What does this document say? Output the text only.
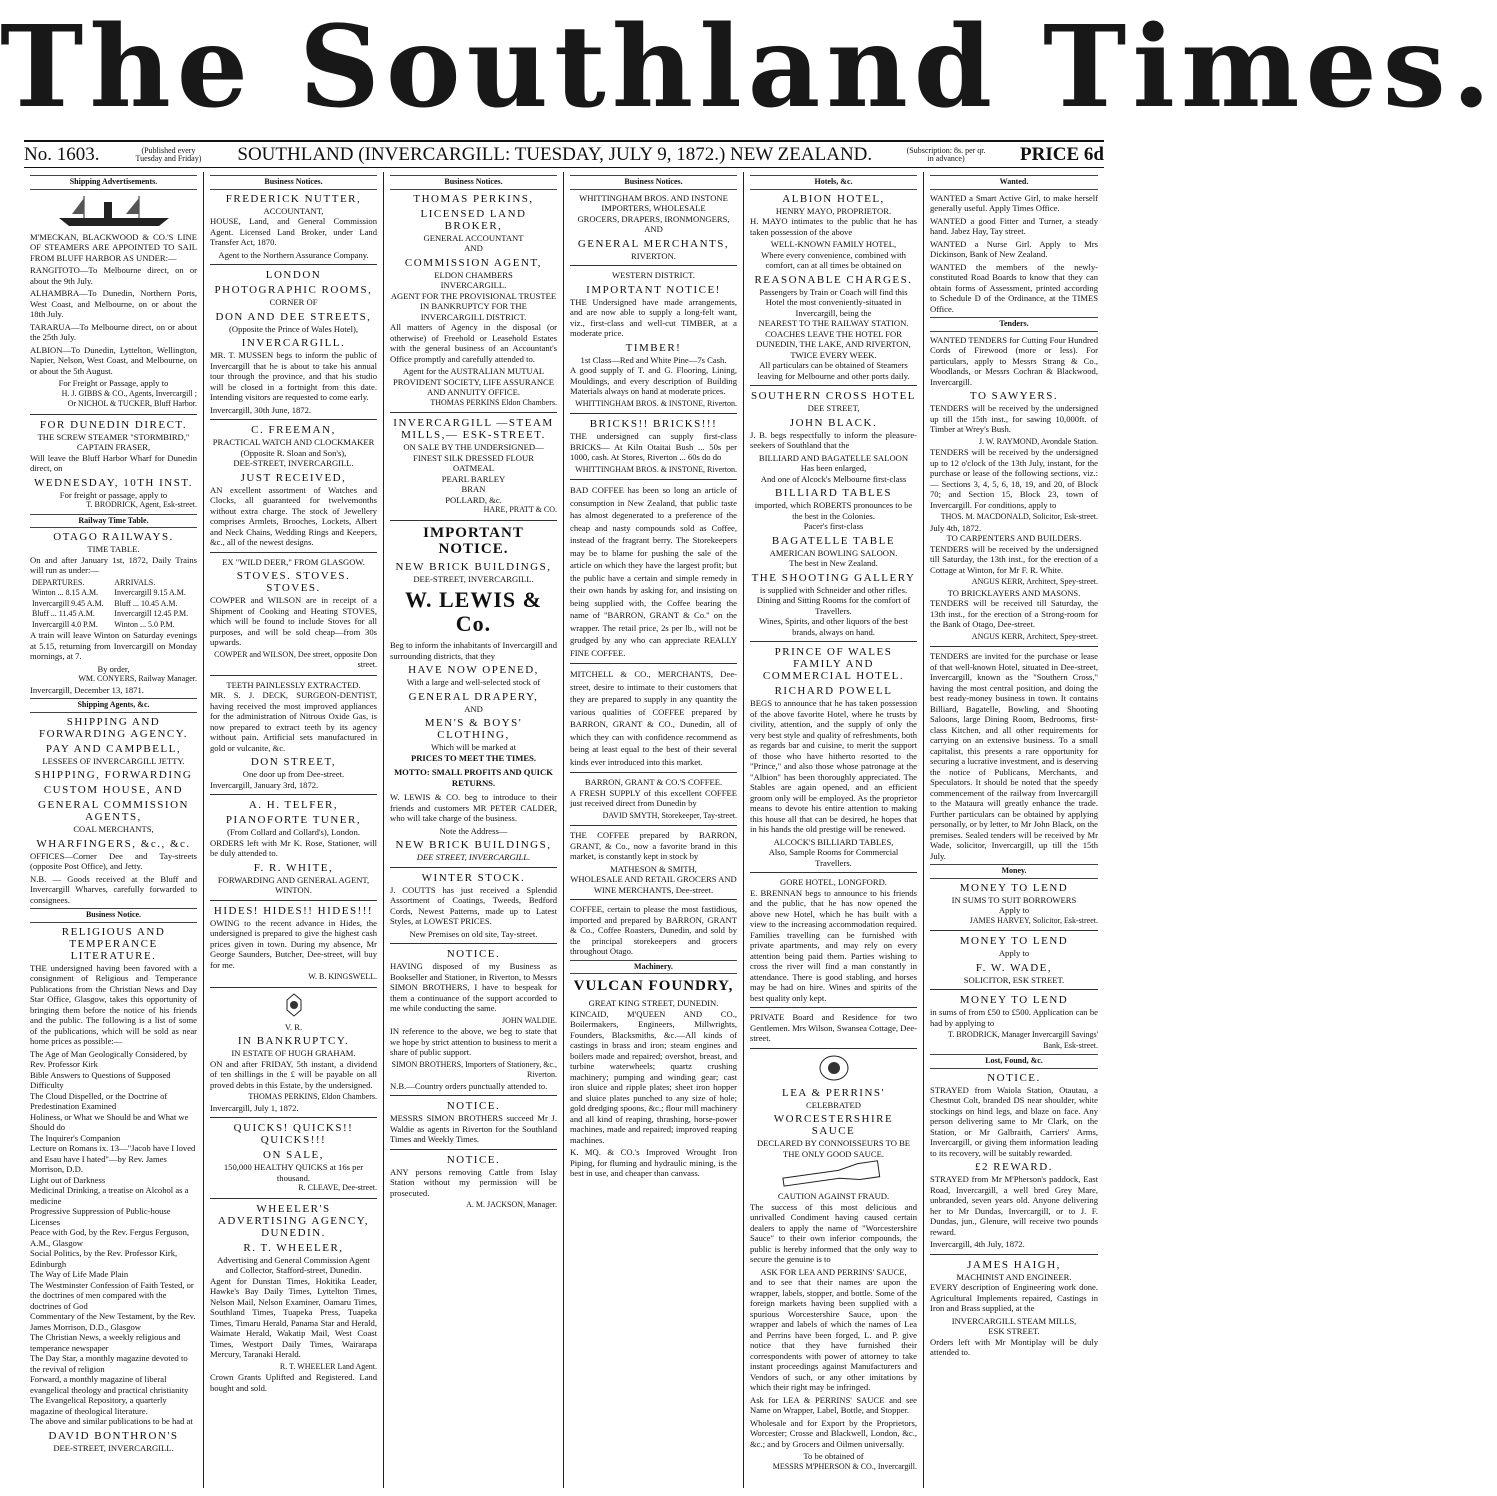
The Southland Times.
No. 1603.	(Published every Tuesday and Friday) SOUTHLAND (INVERCARGILL: TUESDAY, JULY 9, 1872.) NEW ZEALAND.	(Subscription: 8s. per qr. in advance)	PRICE 6d
Shipping Advertisements.
M'MECKAN, BLACKWOOD & CO.'S LINE OF STEAMERS ARE APPOINTED TO SAIL FROM BLUFF HARBOR AS UNDER:—
RANGITOTO—To Melbourne direct, on or about the 9th July.
ALHAMBRA—To Dunedin, Northern Ports, West Coast, and Melbourne, on or about the 18th July.
TARARUA—To Melbourne direct, on or about the 25th July.
ALBION—To Dunedin, Lyttelton, Wellington, Napier, Nelson, West Coast, and Melbourne, on or about the 5th August.
For Freight or Passage, apply to
H. J. GIBBS & CO., Agents, Invercargill ;
Or NICHOL & TUCKER, Bluff Harbor.
FOR DUNEDIN DIRECT.
THE SCREW STEAMER "STORMBIRD,"
CAPTAIN FRASER,
Will leave the Bluff Harbor Wharf for Dunedin direct, on
WEDNESDAY, 10TH INST.
For freight or passage, apply to
T. BRODRICK, Agent, Esk-street.
Railway Time Table.
OTAGO RAILWAYS.
TIME TABLE.
On and after January 1st, 1872, Daily Trains will run as under:—
DEPARTURES.	ARRIVALS.
Winton ... 8.15 A.M.	Invercargill 9.15 A.M.
Invercargill 9.45 A.M.	Bluff ... 10.45 A.M.
Bluff ... 11.45 A.M.	Invercargill 12.45 P.M.
Invercargill 4.0 P.M.	Winton ... 5.0 P.M.
A train will leave Winton on Saturday evenings at 5.15, returning from Invercargill on Monday mornings, at 7.
By order,
WM. CONYERS, Railway Manager.
Invercargill, December 13, 1871.
Shipping Agents, &c.
SHIPPING AND FORWARDING AGENCY.
PAY AND CAMPBELL,
LESSEES OF INVERCARGILL JETTY.
SHIPPING, FORWARDING
CUSTOM HOUSE, AND
GENERAL COMMISSION AGENTS,
COAL MERCHANTS,
WHARFINGERS, &c., &c.
OFFICES—Corner Dee and Tay-streets (opposite Post Office), and Jetty.
N.B. — Goods received at the Bluff and Invercargill Wharves, carefully forwarded to consignees.
Business Notice.
RELIGIOUS AND TEMPERANCE LITERATURE.
THE undersigned having been favored with a consignment of Religious and Temperance Publications from the Christian News and Day Star Office, Glasgow, takes this opportunity of bringing them before the notice of his friends and the public. The following is a list of some of the publications, which will be sold as near home prices as possible:—
The Age of Man Geologically Considered, by Rev. Professor Kirk
Bible Answers to Questions of Supposed Difficulty
The Cloud Dispelled, or the Doctrine of Predestination Examined
Holiness, or What we Should be and What we Should do
The Inquirer's Companion
Lecture on Romans ix. 13—"Jacob have I loved and Esau have I hated"—by Rev. James Morrison, D.D.
Light out of Darkness
Medicinal Drinking, a treatise on Alcohol as a medicine
Progressive Suppression of Public-house Licenses
Peace with God, by the Rev. Fergus Ferguson, A.M., Glasgow
Social Politics, by the Rev. Professor Kirk, Edinburgh
The Way of Life Made Plain
The Westminster Confession of Faith Tested, or the doctrines of men compared with the doctrines of God
Commentary of the New Testament, by the Rev. James Morrison, D.D., Glasgow
The Christian News, a weekly religious and temperance newspaper
The Day Star, a monthly magazine devoted to the revival of religion
Forward, a monthly magazine of liberal evangelical theology and practical christianity
The Evangelical Repository, a quarterly magazine of theological literature.
The above and similar publications to be had at
DAVID BONTHRON'S
DEE-STREET, INVERCARGILL.
Business Notices.
FREDERICK NUTTER,
ACCOUNTANT,
HOUSE, Land, and General Commission Agent. Licensed Land Broker, under Land Transfer Act, 1870.
Agent to the Northern Assurance Company.
LONDON
PHOTOGRAPHIC ROOMS,
CORNER OF
DON AND DEE STREETS,
(Opposite the Prince of Wales Hotel),
INVERCARGILL.
MR. T. MUSSEN begs to inform the public of Invercargill that he is about to take his annual tour through the province, and that his studio will be closed in a fortnight from this date. Intending visitors are requested to come early.
Invercargill, 30th June, 1872.
C. FREEMAN,
PRACTICAL WATCH AND CLOCKMAKER
(Opposite R. Sloan and Son's),
DEE-STREET, INVERCARGILL.
JUST RECEIVED,
AN excellent assortment of Watches and Clocks, all guaranteed for twelvemonths without extra charge. The stock of Jewellery comprises Armlets, Brooches, Lockets, Albert and Neck Chains, Wedding Rings and Keepers, &c., all of the newest designs.
EX "WILD DEER," FROM GLASGOW.
STOVES. STOVES. STOVES.
COWPER and WILSON are in receipt of a Shipment of Cooking and Heating STOVES, which will be found to include Stoves for all purposes, and will be sold cheap—from 30s upwards.
COWPER and WILSON, Dee street, opposite Don street.
TEETH PAINLESSLY EXTRACTED.
MR. S. J. DECK, SURGEON-DENTIST, having received the most improved appliances for the administration of Nitrous Oxide Gas, is now prepared to extract teeth by its agency without pain. Artificial sets manufactured in gold or vulcanite, &c.
DON STREET,
One door up from Dee-street.
Invercargill, January 3rd, 1872.
A. H. TELFER,
PIANOFORTE TUNER,
(From Collard and Collard's), London.
ORDERS left with Mr K. Rose, Stationer, will be duly attended to.
F. R. WHITE,
FORWARDING AND GENERAL AGENT,
WINTON.
HIDES! HIDES!! HIDES!!!
OWING to the recent advance in Hides, the undersigned is prepared to give the highest cash prices given in town. During my absence, Mr George Saunders, Butcher, Dee-street, will buy for me.
W. B. KINGSWELL.
V. R.
IN BANKRUPTCY.
IN ESTATE OF HUGH GRAHAM.
ON and after FRIDAY, 5th instant, a dividend of ten shillings in the £ will be payable on all proved debts in this Estate, by the undersigned.
THOMAS PERKINS, Eldon Chambers.
Invercargill, July 1, 1872.
QUICKS! QUICKS!! QUICKS!!!
ON SALE,
150,000 HEALTHY QUICKS at 16s per thousand.
R. CLEAVE, Dee-street.
WHEELER'S ADVERTISING AGENCY, DUNEDIN.
R. T. WHEELER,
Advertising and General Commission Agent and Collector, Stafford-street, Dunedin.
Agent for Dunstan Times, Hokitika Leader, Hawke's Bay Daily Times, Lyttelton Times, Nelson Mail, Nelson Examiner, Oamaru Times, Southland Times, Tuapeka Press, Tuapeka Times, Timaru Herald, Panama Star and Herald, Waimate Herald, Wakatip Mail, West Coast Times, Westport Daily Times, Wairarapa Mercury, Taranaki Herald.
R. T. WHEELER Land Agent.
Crown Grants Uplifted and Registered. Land bought and sold.
Business Notices.
THOMAS PERKINS,
LICENSED LAND BROKER,
GENERAL ACCOUNTANT
AND
COMMISSION AGENT,
ELDON CHAMBERS
INVERCARGILL.
AGENT FOR THE PROVISIONAL TRUSTEE IN BANKRUPTCY FOR THE INVERCARGILL DISTRICT.
All matters of Agency in the disposal (or otherwise) of Freehold or Leasehold Estates with the general business of an Accountant's Office promptly and carefully attended to.
Agent for the AUSTRALIAN MUTUAL PROVIDENT SOCIETY, LIFE ASSURANCE AND ANNUITY OFFICE.
THOMAS PERKINS Eldon Chambers.
INVERCARGILL —STEAM MILLS,— ESK-STREET.
ON SALE BY THE UNDERSIGNED—
FINEST SILK DRESSED FLOUR
OATMEAL
PEARL BARLEY
BRAN
POLLARD, &c.
HARE, PRATT & CO.
IMPORTANT NOTICE.
NEW BRICK BUILDINGS,
DEE-STREET, INVERCARGILL.
W. LEWIS & Co.
Beg to inform the inhabitants of Invercargill and surrounding districts, that they
HAVE NOW OPENED,
With a large and well-selected stock of
GENERAL DRAPERY,
AND
MEN'S & BOYS' CLOTHING,
Which will be marked at
PRICES TO MEET THE TIMES.
MOTTO: SMALL PROFITS AND QUICK RETURNS.
W. LEWIS & CO. beg to introduce to their friends and customers MR PETER CALDER, who will take charge of the business.
Note the Address—
NEW BRICK BUILDINGS,
DEE STREET, INVERCARGILL.
WINTER STOCK.
J. COUTTS has just received a Splendid Assortment of Coatings, Tweeds, Bedford Cords, Newest Patterns, made up to Latest Styles, at LOWEST PRICES.
New Premises on old site, Tay-street.
NOTICE.
HAVING disposed of my Business as Bookseller and Stationer, in Riverton, to Messrs SIMON BROTHERS, I have to bespeak for them a continuance of the support accorded to me while conducting the same.
JOHN WALDIE.
IN reference to the above, we beg to state that we hope by strict attention to business to merit a share of public support.
SIMON BROTHERS, Importers of Stationery, &c., Riverton.
N.B.—Country orders punctually attended to.
NOTICE.
MESSRS SIMON BROTHERS succeed Mr J. Waldie as agents in Riverton for the Southland Times and Weekly Times.
NOTICE.
ANY persons removing Cattle from Islay Station without my permission will be prosecuted.
A. M. JACKSON, Manager.
Business Notices.
WHITTINGHAM BROS. AND INSTONE
IMPORTERS, WHOLESALE
GROCERS, DRAPERS, IRONMONGERS,
AND
GENERAL MERCHANTS,
RIVERTON.
WESTERN DISTRICT.
IMPORTANT NOTICE!
THE Undersigned have made arrangements, and are now able to supply a long-felt want, viz., first-class and well-cut TIMBER, at a moderate price.
TIMBER!
1st Class—Red and White Pine—7s Cash.
A good supply of T. and G. Flooring, Lining, Mouldings, and every description of Building Materials always on hand at moderate prices.
WHITTINGHAM BROS. & INSTONE, Riverton.
BRICKS!! BRICKS!!!
THE undersigned can supply first-class BRICKS— At Kiln Otaitai Bush ... 50s per 1000, cash. At Stores, Riverton ... 60s do do
WHITTINGHAM BROS. & INSTONE, Riverton.
BAD COFFEE has been so long an article of consumption in New Zealand, that public taste has almost degenerated to a preference of the cheap and nasty compounds sold as Coffee, instead of the fragrant berry. The Storekeepers may be to blame for pushing the sale of the article on which they have the largest profit; but the public have a certain and simple remedy in their own hands by asking for, and insisting on being supplied with, the Coffee bearing the name of "BARRON, GRANT & Co." on the wrapper. The retail price, 2s per lb., will not be grudged by any who can appreciate REALLY FINE COFFEE.
MITCHELL & CO., MERCHANTS, Dee-street, desire to intimate to their customers that they are prepared to supply in any quantity the various qualities of COFFEE prepared by BARRON, GRANT & CO., Dunedin, all of which they can with confidence recommend as being at least equal to the best of their several kinds ever introduced into this market.
BARRON, GRANT & CO.'S COFFEE.
A FRESH SUPPLY of this excellent COFFEE just received direct from Dunedin by
DAVID SMYTH, Storekeeper, Tay-street.
THE COFFEE prepared by BARRON, GRANT, & Co., now a favorite brand in this market, is constantly kept in stock by
MATHESON & SMITH,
WHOLESALE AND RETAIL GROCERS AND WINE MERCHANTS, Dee-street.
COFFEE, certain to please the most fastidious, imported and prepared by BARRON, GRANT & Co., Coffee Roasters, Dunedin, and sold by the principal storekeepers and grocers throughout Otago.
Machinery.
VULCAN FOUNDRY,
GREAT KING STREET, DUNEDIN.
KINCAID, M'QUEEN AND CO., Boilermakers, Engineers, Millwrights, Founders, Blacksmiths, &c.—All kinds of castings in brass and iron; steam engines and boilers made and repaired; overshot, breast, and turbine waterwheels; quartz crushing machinery; pumping and winding gear; cast iron sluice and ripple plates; sheet iron hopper and sluice plates punched to any size of hole; gold dredging spoons, &c.; flour mill machinery and all kind of reaping, thrashing, horse-power machines, made and repaired; improved reaping machines.
K. MQ. & CO.'s Improved Wrought Iron Piping, for fluming and hydraulic mining, is the best in use, and cheaper than canvass.
Hotels, &c.
ALBION HOTEL,
HENRY MAYO, PROPRIETOR.
H. MAYO intimates to the public that he has taken possession of the above
WELL-KNOWN FAMILY HOTEL,
Where every convenience, combined with comfort, can at all times be obtained on
REASONABLE CHARGES.
Passengers by Train or Coach will find this Hotel the most conveniently-situated in Invercargill, being the
NEAREST TO THE RAILWAY STATION.
COACHES LEAVE THE HOTEL FOR DUNEDIN, THE LAKE, AND RIVERTON, TWICE EVERY WEEK.
All particulars can be obtained of Steamers leaving for Melbourne and other ports daily.
SOUTHERN CROSS HOTEL
DEE STREET,
JOHN BLACK.
J. B. begs respectfully to inform the pleasure-seekers of Southland that the
BILLIARD AND BAGATELLE SALOON
Has been enlarged,
And one of Alcock's Melbourne first-class
BILLIARD TABLES
imported, which ROBERTS pronounces to be the best in the Colonies.
Pacer's first-class
BAGATELLE TABLE
AMERICAN BOWLING SALOON.
The best in New Zealand.
THE SHOOTING GALLERY
is supplied with Schneider and other rifles.
Dining and Sitting Rooms for the comfort of Travellers.
Wines, Spirits, and other liquors of the best brands, always on hand.
PRINCE OF WALES FAMILY AND COMMERCIAL HOTEL.
RICHARD POWELL
BEGS to announce that he has taken possession of the above favorite Hotel, where he trusts by civility, attention, and the supply of only the very best style and quality of refreshments, both as regards bar and cuisine, to merit the support of those who have hitherto resorted to the "Prince," and also those whose patronage at the "Albion" has been thoroughly appreciated. The Stables are again opened, and an efficient groom only will be employed. As the proprietor means to devote his entire attention to making this house all that can be desired, he hopes that in his hands the old prestige will be renewed.
ALCOCK'S BILLIARD TABLES,
Also, Sample Rooms for Commercial Travellers.
GORE HOTEL, LONGFORD.
E. BRENNAN begs to announce to his friends and the public, that he has now opened the above new Hotel, which he has built with a view to the increasing accommodation required. Families travelling can be furnished with private apartments, and may rely on every attention being paid them. Parties wishing to cross the river will find a man constantly in attendance. There is good stabling, and horses may be had on hire. Wines and spirits of the best quality only kept.
PRIVATE Board and Residence for two Gentlemen. Mrs Wilson, Swansea Cottage, Dee-street.
LEA & PERRINS'
CELEBRATED
WORCESTERSHIRE SAUCE
DECLARED BY CONNOISSEURS TO BE
THE ONLY GOOD SAUCE.
CAUTION AGAINST FRAUD.
The success of this most delicious and unrivalled Condiment having caused certain dealers to apply the name of "Worcestershire Sauce" to their own inferior compounds, the public is hereby informed that the only way to secure the genuine is to
ASK FOR LEA AND PERRINS' SAUCE,
and to see that their names are upon the wrapper, labels, stopper, and bottle. Some of the foreign markets having been supplied with a spurious Worcestershire Sauce, upon the wrapper and labels of which the names of Lea and Perrins have been forged, L. and P. give notice that they have furnished their correspondents with power of attorney to take instant proceedings against Manufacturers and Vendors of such, or any other imitations by which their right may be infringed.
Ask for LEA & PERRINS' SAUCE and see Name on Wrapper, Label, Bottle, and Stopper.
Wholesale and for Export by the Proprietors, Worcester; Crosse and Blackwell, London, &c., &c.; and by Grocers and Oilmen universally.
To be obtained of
MESSRS M'PHERSON & CO., Invercargill.
Wanted.
WANTED a Smart Active Girl, to make herself generally useful. Apply Times Office.
WANTED a good Fitter and Turner, a steady hand. Jabez Hay, Tay street.
WANTED a Nurse Girl. Apply to Mrs Dickinson, Bank of New Zealand.
WANTED the members of the newly-constituted Road Boards to know that they can obtain forms of Assessment, printed according to Schedule D of the Ordinance, at the TIMES Office.
Tenders.
WANTED TENDERS for Cutting Four Hundred Cords of Firewood (more or less). For particulars, apply to Messrs Strang & Co., Woodlands, or Messrs Cochran & Blackwood, Invercargill.
TO SAWYERS.
TENDERS will be received by the undersigned up till the 15th inst., for sawing 10,000ft. of Timber at Wrey's Bush.
J. W. RAYMOND, Avondale Station.
TENDERS will be received by the undersigned up to 12 o'clock of the 13th July, instant, for the purchase or lease of the following sections, viz.:— Sections 3, 4, 5, 6, 18, 19, and 20, of Block 70; and Section 15, Block 23, town of Invercargill. For conditions, apply to
THOS. M. MACDONALD, Solicitor, Esk-street.
July 4th, 1872.
TO CARPENTERS AND BUILDERS.
TENDERS will be received by the undersigned till Saturday, the 13th inst., for the erection of a Cottage at Winton, for Mr F. R. White.
ANGUS KERR, Architect, Spey-street.
TO BRICKLAYERS AND MASONS.
TENDERS will be received till Saturday, the 13th inst., for the erection of a Strong-room for the Bank of Otago, Dee-street.
ANGUS KERR, Architect, Spey-street.
TENDERS are invited for the purchase or lease of that well-known Hotel, situated in Dee-street, Invercargill, known as the "Southern Cross," having the most central position, and doing the best ready-money business in town. It contains Billiard, Bagatelle, Bowling, and Shooting Saloons, large Dining Room, Bedrooms, first-class Kitchen, and all other requirements for carrying on an extensive business. To a small capitalist, this presents a rare opportunity for securing a lucrative investment, and is deserving the notice of Publicans, Merchants, and Speculators. It should be noted that the speedy commencement of the railway from Invercargill to the Mataura will greatly enhance the trade. Further particulars can be obtained by applying personally, or by letter, to Mr John Black, on the premises. Sealed tenders will be received by Mr Wade, solicitor, Invercargill, up till the 15th July.
Money.
MONEY TO LEND
IN SUMS TO SUIT BORROWERS
Apply to
JAMES HARVEY, Solicitor, Esk-street.
MONEY TO LEND
Apply to
F. W. WADE,
SOLICITOR, ESK STREET.
MONEY TO LEND
in sums of from £50 to £500. Application can be had by applying to
T. BRODRICK, Manager Invercargill Savings' Bank, Esk-street.
Lost, Found, &c.
NOTICE.
STRAYED from Waiola Station, Otautau, a Chestnut Colt, branded DS near shoulder, white stockings on hind legs, and blaze on face. Any person delivering same to Mr Clark, on the Station, or Mr Galbraith, Carriers' Arms, Invercargill, or giving them information leading to its recovery, will be suitably rewarded.
£2 REWARD.
STRAYED from Mr M'Pherson's paddock, East Road, Invercargill, a well bred Grey Mare, unbranded, seven years old. Anyone delivering her to Mr Dundas, Invercargill, or to J. F. Dundas, jun., Glenure, will receive two pounds reward.
Invercargill, 4th July, 1872.
JAMES HAIGH,
MACHINIST AND ENGINEER.
EVERY description of Engineering work done. Agricultural Implements repaired, Castings in Iron and Brass supplied, at the
INVERCARGILL STEAM MILLS,
ESK STREET.
Orders left with Mr Montiplay will be duly attended to.
